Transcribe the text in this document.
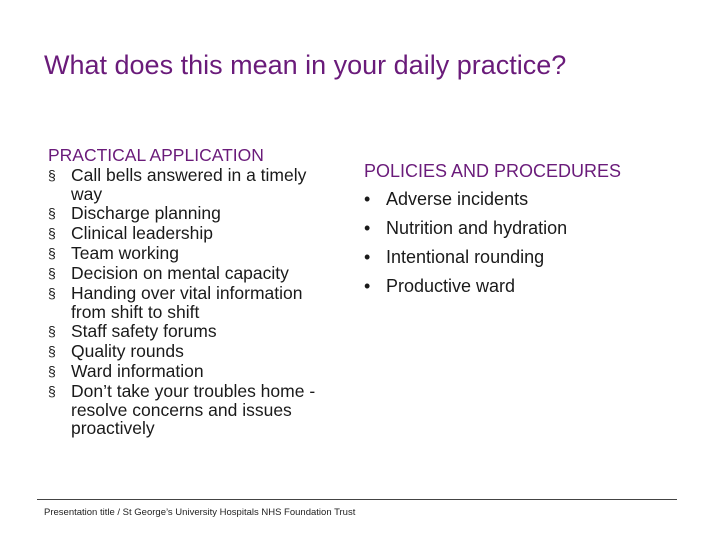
What does this mean in your daily practice?
PRACTICAL APPLICATION
§ Call bells answered in a timely
way
§ Discharge planning
§ Clinical leadership
§ Team working
§ Decision on mental capacity
§ Handing over vital information
from shift to shift
§ Staff safety forums
§ Quality rounds
§ Ward information
§ Don’t take your troubles home -
resolve concerns and issues
proactively
POLICIES AND PROCEDURES
• Adverse incidents
• Nutrition and hydration
• Intentional rounding
• Productive ward
Presentation title / St George’s University Hospitals NHS Foundation Trust
